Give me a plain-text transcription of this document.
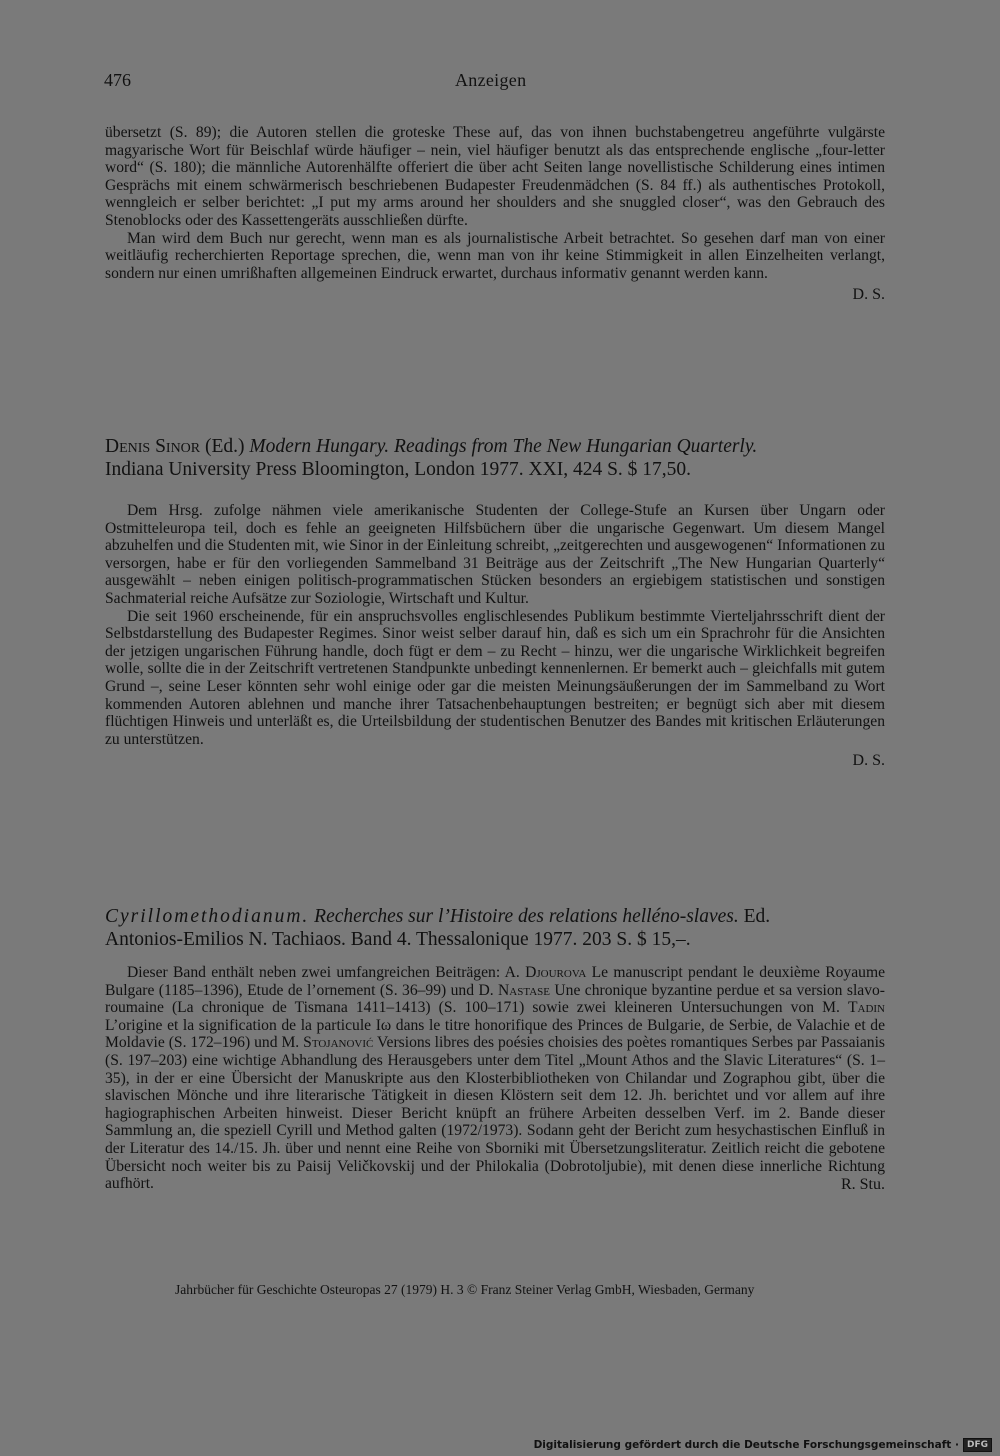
476	Anzeigen

übersetzt (S. 89); die Autoren stellen die groteske These auf, das von ihnen buchstabengetreu angeführte vulgärste magyarische Wort für Beischlaf würde häufiger – nein, viel häufiger benutzt als das entsprechende englische „four-letter word“ (S. 180); die männliche Autorenhälfte offeriert die über acht Seiten lange novellistische Schilderung eines intimen Gesprächs mit einem schwärmerisch beschriebenen Budapester Freudenmädchen (S. 84 ff.) als authentisches Protokoll, wenngleich er selber berichtet: „I put my arms around her shoulders and she snuggled closer“, was den Gebrauch des Stenoblocks oder des Kassettengeräts ausschließen dürfte.

Man wird dem Buch nur gerecht, wenn man es als journalistische Arbeit betrachtet. So gesehen darf man von einer weitläufig recherchierten Reportage sprechen, die, wenn man von ihr keine Stimmigkeit in allen Einzelheiten verlangt, sondern nur einen umrißhaften allgemeinen Eindruck erwartet, durchaus informativ genannt werden kann.

D. S.
Denis Sinor (Ed.) Modern Hungary. Readings from The New Hungarian Quarterly.
Indiana University Press Bloomington, London 1977. XXI, 424 S. $ 17,50.

Dem Hrsg. zufolge nähmen viele amerikanische Studenten der College-Stufe an Kursen über Ungarn oder Ostmitteleuropa teil, doch es fehle an geeigneten Hilfsbüchern über die ungarische Gegenwart. Um diesem Mangel abzuhelfen und die Studenten mit, wie Sinor in der Einleitung schreibt, „zeitgerechten und ausgewogenen“ Informationen zu versorgen, habe er für den vorliegenden Sammelband 31 Beiträge aus der Zeitschrift „The New Hungarian Quarterly“ ausgewählt – neben einigen politisch-programmatischen Stücken besonders an ergiebigem statistischen und sonstigen Sachmaterial reiche Aufsätze zur Soziologie, Wirtschaft und Kultur.

Die seit 1960 erscheinende, für ein anspruchsvolles englischlesendes Publikum bestimmte Vierteljahrsschrift dient der Selbstdarstellung des Budapester Regimes. Sinor weist selber darauf hin, daß es sich um ein Sprachrohr für die Ansichten der jetzigen ungarischen Führung handle, doch fügt er dem – zu Recht – hinzu, wer die ungarische Wirklichkeit begreifen wolle, sollte die in der Zeitschrift vertretenen Standpunkte unbedingt kennenlernen. Er bemerkt auch – gleichfalls mit gutem Grund –, seine Leser könnten sehr wohl einige oder gar die meisten Meinungsäußerungen der im Sammelband zu Wort kommenden Autoren ablehnen und manche ihrer Tatsachenbehauptungen bestreiten; er begnügt sich aber mit diesem flüchtigen Hinweis und unterläßt es, die Urteilsbildung der studentischen Benutzer des Bandes mit kritischen Erläuterungen zu unterstützen.

D. S.
Cyrillomethodianum. Recherches sur l’Histoire des relations helléno-slaves. Ed.
Antonios-Emilios N. Tachiaos. Band 4. Thessalonique 1977. 203 S. $ 15,–.

Dieser Band enthält neben zwei umfangreichen Beiträgen: A. Djourova Le manuscript pendant le deuxième Royaume Bulgare (1185–1396), Etude de l’ornement (S. 36–99) und D. Nastase Une chronique byzantine perdue et sa version slavo-roumaine (La chronique de Tismana 1411–1413) (S. 100–171) sowie zwei kleineren Untersuchungen von M. Tadin L’origine et la signification de la particule Iω dans le titre honorifique des Princes de Bulgarie, de Serbie, de Valachie et de Moldavie (S. 172–196) und M. Stojanović Versions libres des poésies choisies des poètes romantiques Serbes par Passaianis (S. 197–203) eine wichtige Abhandlung des Herausgebers unter dem Titel „Mount Athos and the Slavic Literatures“ (S. 1–35), in der er eine Übersicht der Manuskripte aus den Klosterbibliotheken von Chilandar und Zographou gibt, über die slavischen Mönche und ihre literarische Tätigkeit in diesen Klöstern seit dem 12. Jh. berichtet und vor allem auf ihre hagiographischen Arbeiten hinweist. Dieser Bericht knüpft an frühere Arbeiten desselben Verf. im 2. Bande dieser Sammlung an, die speziell Cyrill und Method galten (1972/1973). Sodann geht der Bericht zum hesychastischen Einfluß in der Literatur des 14./15. Jh. über und nennt eine Reihe von Sborniki mit Übersetzungsliteratur. Zeitlich reicht die gebotene Übersicht noch weiter bis zu Paisij Veličkovskij und der Philokalia (Dobrotoljubie), mit denen diese innerliche Richtung aufhört.	R. Stu.
Jahrbücher für Geschichte Osteuropas 27 (1979) H. 3 © Franz Steiner Verlag GmbH, Wiesbaden, Germany
Digitalisierung gefördert durch die Deutsche Forschungsgemeinschaft · DFG
